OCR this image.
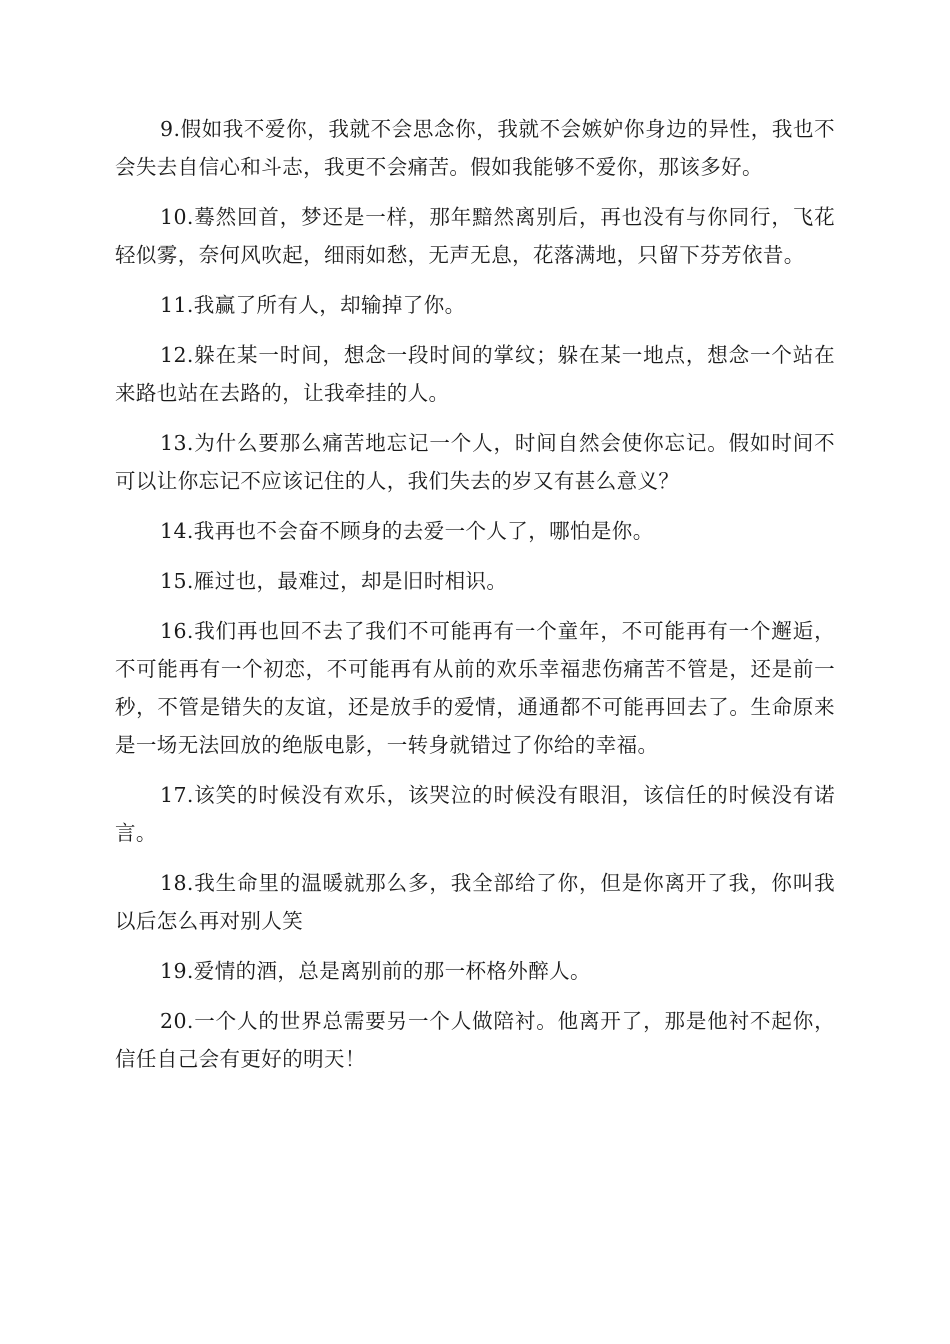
9.假如我不爱你，我就不会思念你，我就不会嫉妒你身边的异性，我也不会失去自信心和斗志，我更不会痛苦。假如我能够不爱你，那该多好。

10.蓦然回首，梦还是一样，那年黯然离别后，再也没有与你同行，飞花轻似雾，奈何风吹起，细雨如愁，无声无息，花落满地，只留下芬芳依昔。

11.我赢了所有人，却输掉了你。

12.躲在某一时间，想念一段时间的掌纹；躲在某一地点，想念一个站在来路也站在去路的，让我牵挂的人。

13.为什么要那么痛苦地忘记一个人，时间自然会使你忘记。假如时间不可以让你忘记不应该记住的人，我们失去的岁又有甚么意义？

14.我再也不会奋不顾身的去爱一个人了，哪怕是你。

15.雁过也，最难过，却是旧时相识。

16.我们再也回不去了我们不可能再有一个童年，不可能再有一个邂逅，不可能再有一个初恋，不可能再有从前的欢乐幸福悲伤痛苦不管是，还是前一秒，不管是错失的友谊，还是放手的爱情，通通都不可能再回去了。生命原来是一场无法回放的绝版电影，一转身就错过了你给的幸福。

17.该笑的时候没有欢乐，该哭泣的时候没有眼泪，该信任的时候没有诺言。

18.我生命里的温暖就那么多，我全部给了你，但是你离开了我，你叫我以后怎么再对别人笑

19.爱情的酒，总是离别前的那一杯格外醉人。

20.一个人的世界总需要另一个人做陪衬。他离开了，那是他衬不起你，信任自己会有更好的明天！
